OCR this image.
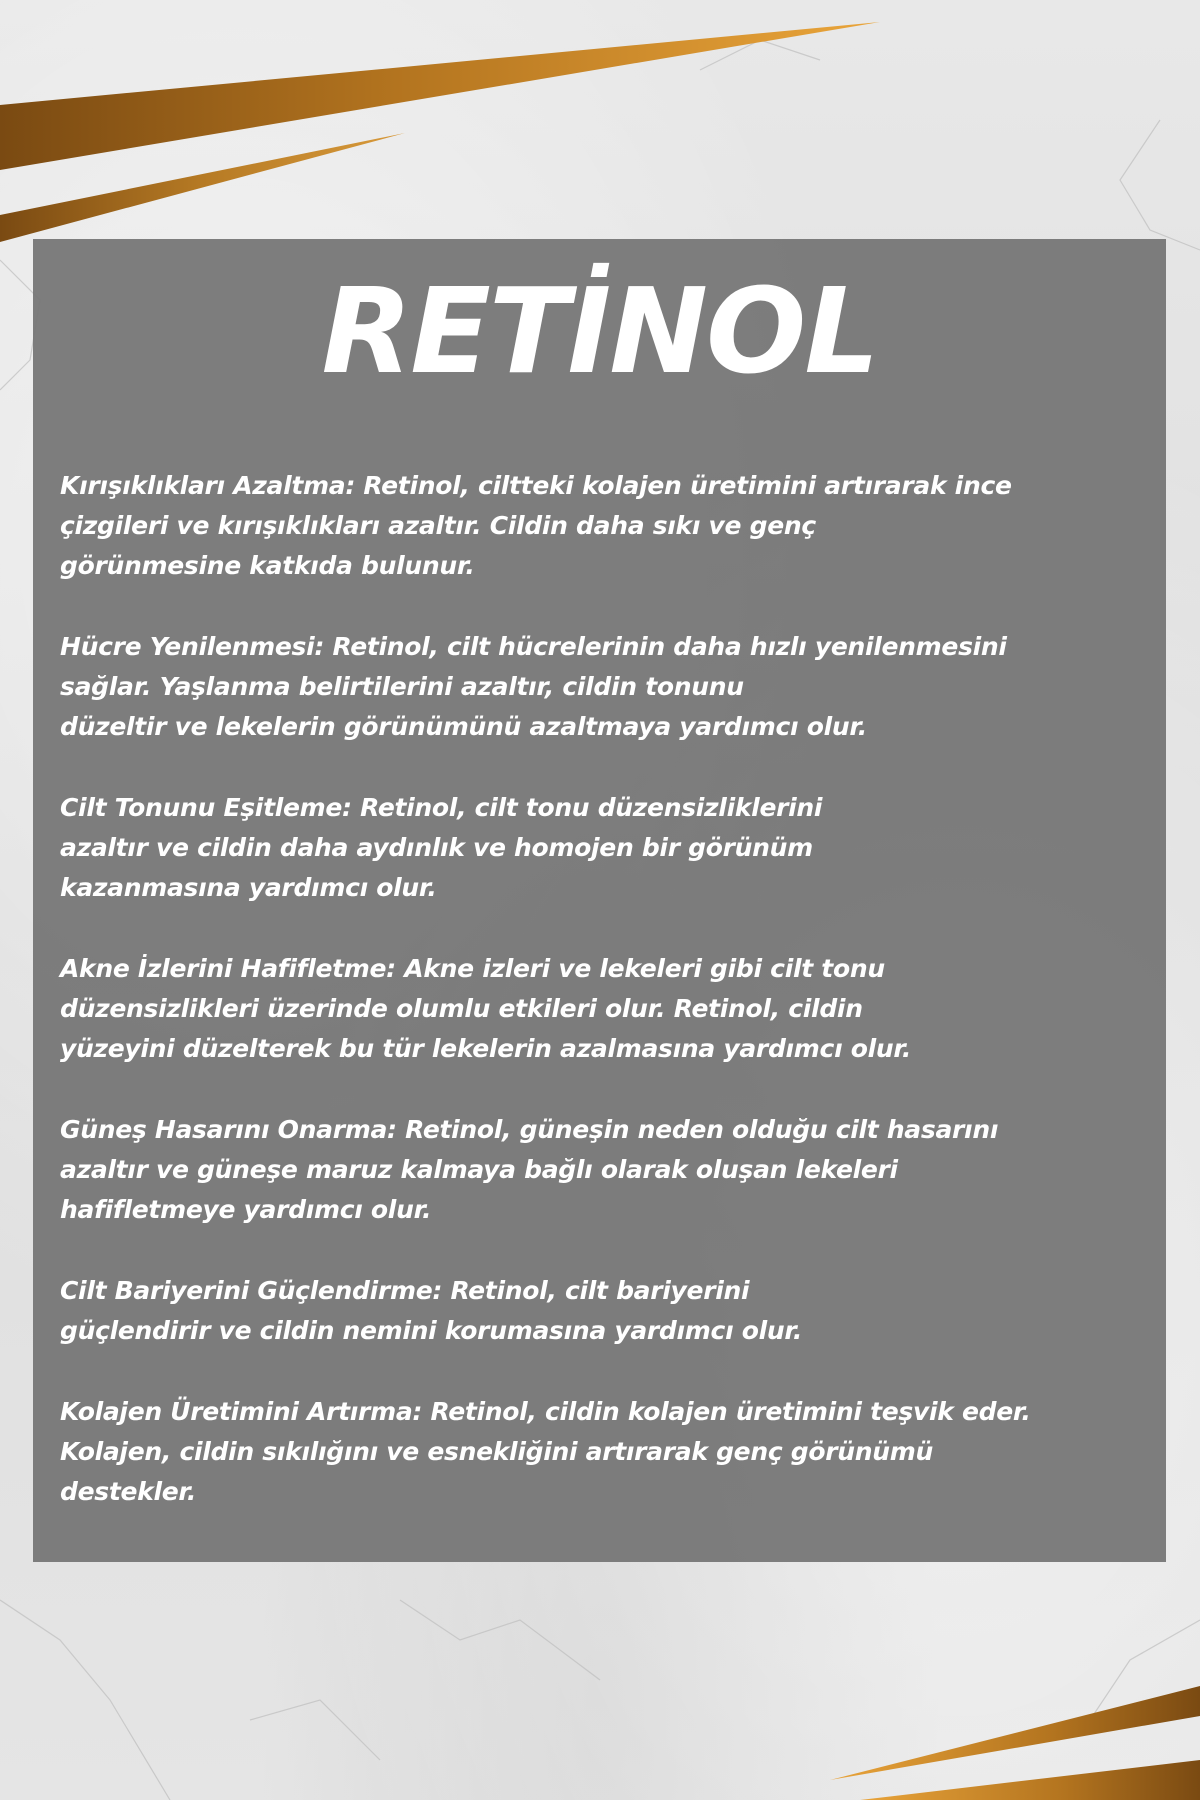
RETİNOL

Kırışıklıkları Azaltma: Retinol, ciltteki kolajen üretimini artırarak ince
çizgileri ve kırışıklıkları azaltır. Cildin daha sıkı ve genç
görünmesine katkıda bulunur.

Hücre Yenilenmesi: Retinol, cilt hücrelerinin daha hızlı yenilenmesini
sağlar. Yaşlanma belirtilerini azaltır, cildin tonunu
düzeltir ve lekelerin görünümünü azaltmaya yardımcı olur.

Cilt Tonunu Eşitleme: Retinol, cilt tonu düzensizliklerini
azaltır ve cildin daha aydınlık ve homojen bir görünüm
kazanmasına yardımcı olur.

Akne İzlerini Hafifletme: Akne izleri ve lekeleri gibi cilt tonu
düzensizlikleri üzerinde olumlu etkileri olur. Retinol, cildin
yüzeyini düzelterek bu tür lekelerin azalmasına yardımcı olur.

Güneş Hasarını Onarma: Retinol, güneşin neden olduğu cilt hasarını
azaltır ve güneşe maruz kalmaya bağlı olarak oluşan lekeleri
hafifletmeye yardımcı olur.

Cilt Bariyerini Güçlendirme: Retinol, cilt bariyerini
güçlendirir ve cildin nemini korumasına yardımcı olur.

Kolajen Üretimini Artırma: Retinol, cildin kolajen üretimini teşvik eder.
Kolajen, cildin sıkılığını ve esnekliğini artırarak genç görünümü
destekler.
